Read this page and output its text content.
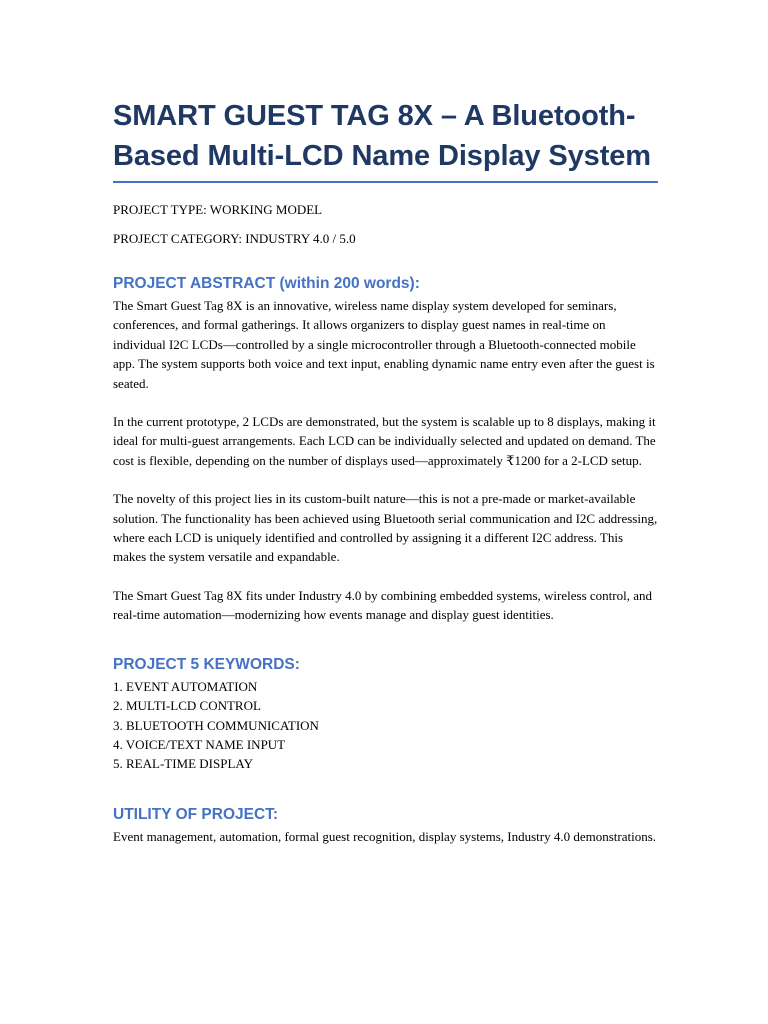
SMART GUEST TAG 8X – A Bluetooth-Based Multi-LCD Name Display System

PROJECT TYPE: WORKING MODEL

PROJECT CATEGORY: INDUSTRY 4.0 / 5.0

PROJECT ABSTRACT (within 200 words):

The Smart Guest Tag 8X is an innovative, wireless name display system developed for seminars, conferences, and formal gatherings. It allows organizers to display guest names in real-time on individual I2C LCDs—controlled by a single microcontroller through a Bluetooth-connected mobile app. The system supports both voice and text input, enabling dynamic name entry even after the guest is seated.

In the current prototype, 2 LCDs are demonstrated, but the system is scalable up to 8 displays, making it ideal for multi-guest arrangements. Each LCD can be individually selected and updated on demand. The cost is flexible, depending on the number of displays used—approximately ₹1200 for a 2-LCD setup.

The novelty of this project lies in its custom-built nature—this is not a pre-made or market-available solution. The functionality has been achieved using Bluetooth serial communication and I2C addressing, where each LCD is uniquely identified and controlled by assigning it a different I2C address. This makes the system versatile and expandable.

The Smart Guest Tag 8X fits under Industry 4.0 by combining embedded systems, wireless control, and real-time automation—modernizing how events manage and display guest identities.

PROJECT 5 KEYWORDS:
1. EVENT AUTOMATION
2. MULTI-LCD CONTROL
3. BLUETOOTH COMMUNICATION
4. VOICE/TEXT NAME INPUT
5. REAL-TIME DISPLAY
UTILITY OF PROJECT:

Event management, automation, formal guest recognition, display systems, Industry 4.0 demonstrations.
